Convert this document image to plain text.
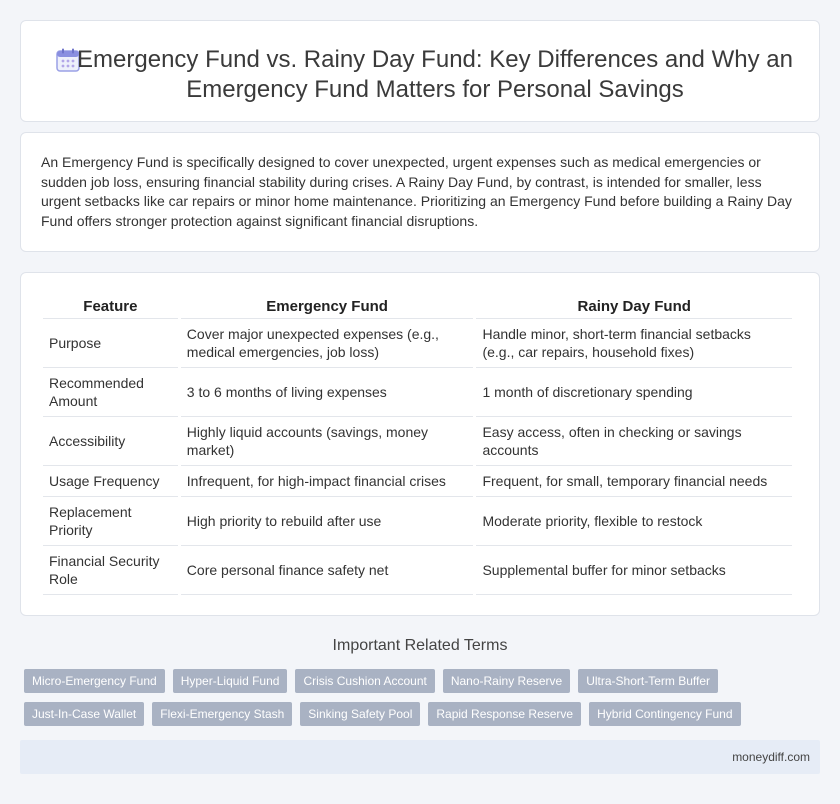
Emergency Fund vs. Rainy Day Fund: Key Differences and Why an Emergency Fund Matters for Personal Savings

An Emergency Fund is specifically designed to cover unexpected, urgent expenses such as medical emergencies or sudden job loss, ensuring financial stability during crises. A Rainy Day Fund, by contrast, is intended for smaller, less urgent setbacks like car repairs or minor home maintenance. Prioritizing an Emergency Fund before building a Rainy Day Fund offers stronger protection against significant financial disruptions.

Feature	Emergency Fund	Rainy Day Fund
Purpose	Cover major unexpected expenses (e.g., medical emergencies, job loss)	Handle minor, short-term financial setbacks (e.g., car repairs, household fixes)
Recommended Amount	3 to 6 months of living expenses	1 month of discretionary spending
Accessibility	Highly liquid accounts (savings, money market)	Easy access, often in checking or savings accounts
Usage Frequency	Infrequent, for high-impact financial crises	Frequent, for small, temporary financial needs
Replacement Priority	High priority to rebuild after use	Moderate priority, flexible to restock
Financial Security Role	Core personal finance safety net	Supplemental buffer for minor setbacks
Important Related Terms
Micro-Emergency Fund	Hyper-Liquid Fund	Crisis Cushion Account	Nano-Rainy Reserve	Ultra-Short-Term Buffer
Just-In-Case Wallet	Flexi-Emergency Stash	Sinking Safety Pool	Rapid Response Reserve	Hybrid Contingency Fund
moneydiff.com
